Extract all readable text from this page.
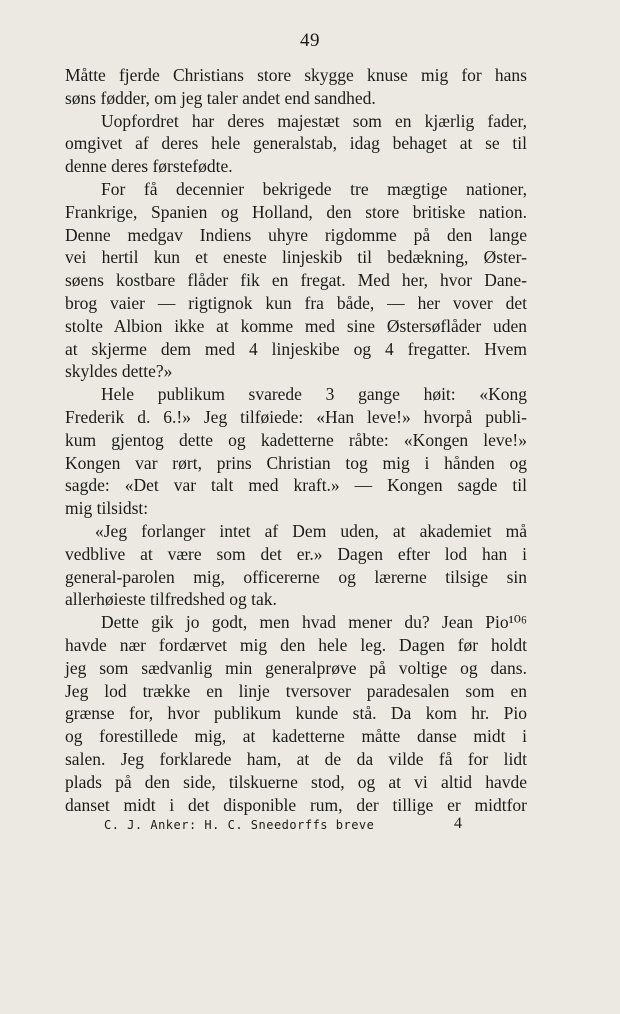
49
Måtte fjerde Christians store skygge knuse mig for hans
søns fødder, om jeg taler andet end sandhed.
Uopfordret har deres majestæt som en kjærlig fader,
omgivet af deres hele generalstab, idag behaget at se til
denne deres førstefødte.
For få decennier bekrigede tre mægtige nationer,
Frankrige, Spanien og Holland, den store britiske nation.
Denne medgav Indiens uhyre rigdomme på den lange
vei hertil kun et eneste linjeskib til bedækning, Øster-
søens kostbare flåder fik en fregat. Med her, hvor Dane-
brog vaier — rigtignok kun fra både, — her vover det
stolte Albion ikke at komme med sine Østersøflåder uden
at skjerme dem med 4 linjeskibe og 4 fregatter. Hvem
skyldes dette?»
Hele publikum svarede 3 gange høit: «Kong
Frederik d. 6.!» Jeg tilføiede: «Han leve!» hvorpå publi-
kum gjentog dette og kadetterne råbte: «Kongen leve!»
Kongen var rørt, prins Christian tog mig i hånden og
sagde: «Det var talt med kraft.» — Kongen sagde til
mig tilsidst:
«Jeg forlanger intet af Dem uden, at akademiet må
vedblive at være som det er.» Dagen efter lod han i
general-parolen mig, officererne og lærerne tilsige sin
allerhøieste tilfredshed og tak.
Dette gik jo godt, men hvad mener du? Jean Pio¹⁰⁶
havde nær fordærvet mig den hele leg. Dagen før holdt
jeg som sædvanlig min generalprøve på voltige og dans.
Jeg lod trække en linje tversover paradesalen som en
grænse for, hvor publikum kunde stå. Da kom hr. Pio
og forestillede mig, at kadetterne måtte danse midt i
salen. Jeg forklarede ham, at de da vilde få for lidt
plads på den side, tilskuerne stod, og at vi altid havde
danset midt i det disponible rum, der tillige er midtfor
C. J. Anker: H. C. Sneedorffs breve	4
